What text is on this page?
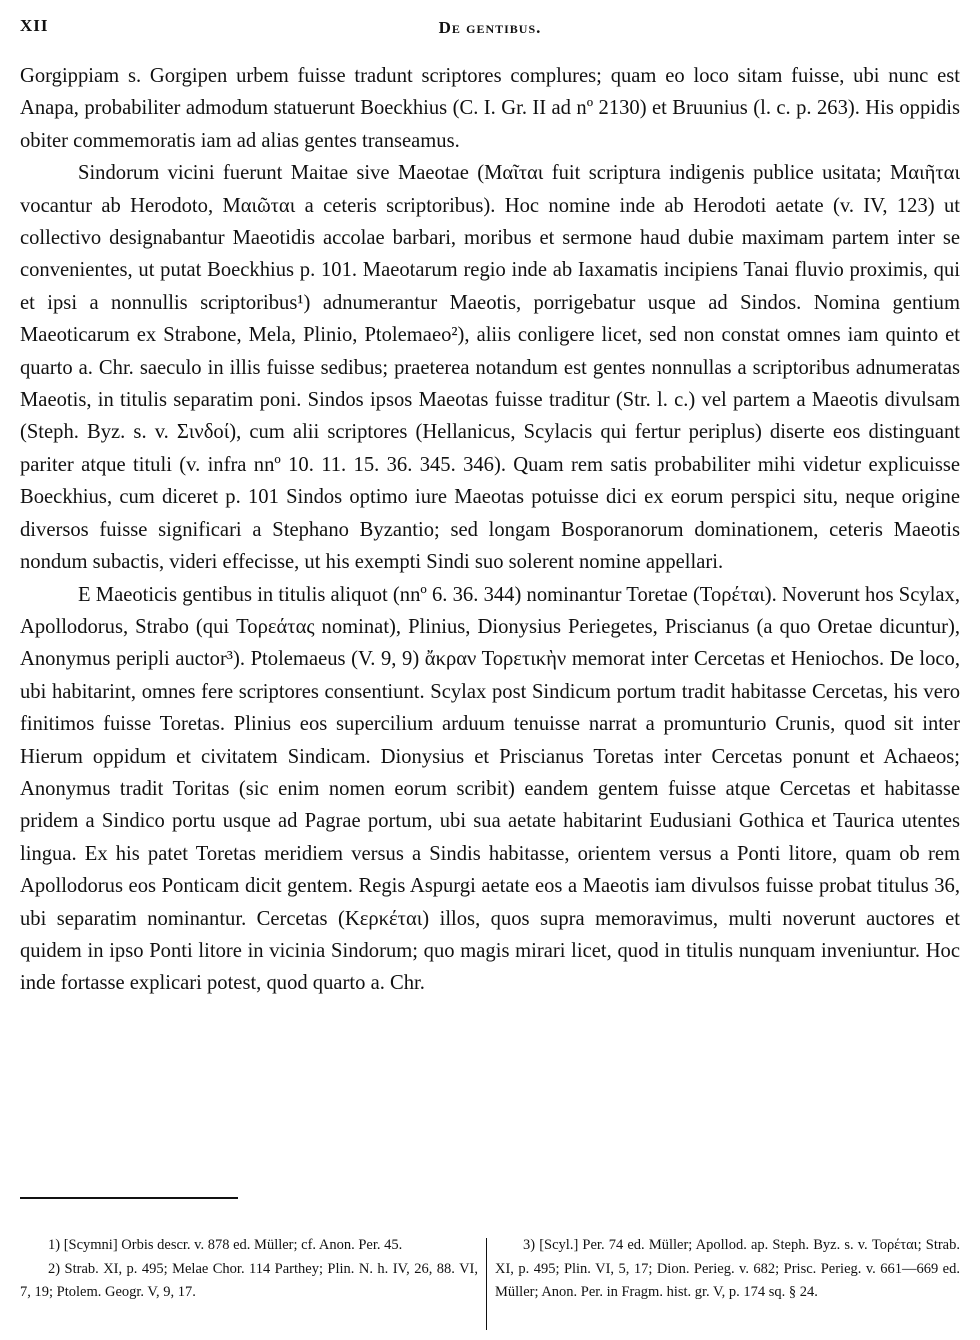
XII	De gentibus.

Gorgippiam s. Gorgipen urbem fuisse tradunt scriptores complures; quam eo loco sitam fuisse, ubi nunc est Anapa, probabiliter admodum statuerunt Boeckhius (C. I. Gr. II ad nº 2130) et Bruunius (l. c. p. 263). His oppidis obiter commemoratis iam ad alias gentes transeamus.

Sindorum vicini fuerunt Maitae sive Maeotae (Μαῖται fuit scriptura indigenis publice usitata; Μαιῆται vocantur ab Herodoto, Μαιῶται a ceteris scriptoribus). Hoc nomine inde ab Herodoti aetate (v. IV, 123) ut collectivo designabantur Maeotidis accolae barbari, moribus et sermone haud dubie maximam partem inter se convenientes, ut putat Boeckhius p. 101. Maeotarum regio inde ab Iaxamatis incipiens Tanai fluvio proximis, qui et ipsi a nonnullis scriptoribus¹) adnumerantur Maeotis, porrigebatur usque ad Sindos. Nomina gentium Maeoticarum ex Strabone, Mela, Plinio, Ptolemaeo²), aliis conligere licet, sed non constat omnes iam quinto et quarto a. Chr. saeculo in illis fuisse sedibus; praeterea notandum est gentes nonnullas a scriptoribus adnumeratas Maeotis, in titulis separatim poni. Sindos ipsos Maeotas fuisse traditur (Str. l. c.) vel partem a Maeotis divulsam (Steph. Byz. s. v. Σινδοί), cum alii scriptores (Hellanicus, Scylacis qui fertur periplus) diserte eos distinguant pariter atque tituli (v. infra nnº 10. 11. 15. 36. 345. 346). Quam rem satis probabiliter mihi videtur explicuisse Boeckhius, cum diceret p. 101 Sindos optimo iure Maeotas potuisse dici ex eorum perspici situ, neque origine diversos fuisse significari a Stephano Byzantio; sed longam Bosporanorum dominationem, ceteris Maeotis nondum subactis, videri effecisse, ut his exempti Sindi suo solerent nomine appellari.

E Maeoticis gentibus in titulis aliquot (nnº 6. 36. 344) nominantur Toretae (Τορέται). Noverunt hos Scylax, Apollodorus, Strabo (qui Τορεάτας nominat), Plinius, Dionysius Periegetes, Priscianus (a quo Oretae dicuntur), Anonymus peripli auctor³). Ptolemaeus (V. 9, 9) ἄκραν Τορετικὴν memorat inter Cercetas et Heniochos. De loco, ubi habitarint, omnes fere scriptores consentiunt. Scylax post Sindicum portum tradit habitasse Cercetas, his vero finitimos fuisse Toretas. Plinius eos supercilium arduum tenuisse narrat a promunturio Crunis, quod sit inter Hierum oppidum et civitatem Sindicam. Dionysius et Priscianus Toretas inter Cercetas ponunt et Achaeos; Anonymus tradit Toritas (sic enim nomen eorum scribit) eandem gentem fuisse atque Cercetas et habitasse pridem a Sindico portu usque ad Pagrae portum, ubi sua aetate habitarint Eudusiani Gothica et Taurica utentes lingua. Ex his patet Toretas meridiem versus a Sindis habitasse, orientem versus a Ponti litore, quam ob rem Apollodorus eos Ponticam dicit gentem. Regis Aspurgi aetate eos a Maeotis iam divulsos fuisse probat titulus 36, ubi separatim nominantur. Cercetas (Κερκέται) illos, quos supra memoravimus, multi noverunt auctores et quidem in ipso Ponti litore in vicinia Sindorum; quo magis mirari licet, quod in titulis nunquam inveniuntur. Hoc inde fortasse explicari potest, quod quarto a. Chr.

1) [Scymni] Orbis descr. v. 878 ed. Müller; cf. Anon. Per. 45.

2) Strab. XI, p. 495; Melae Chor. 114 Parthey; Plin. N. h. IV, 26, 88. VI, 7, 19; Ptolem. Geogr. V, 9, 17.

3) [Scyl.] Per. 74 ed. Müller; Apollod. ap. Steph. Byz. s. v. Τορέται; Strab. XI, p. 495; Plin. VI, 5, 17; Dion. Perieg. v. 682; Prisc. Perieg. v. 661—669 ed. Müller; Anon. Per. in Fragm. hist. gr. V, p. 174 sq. § 24.
